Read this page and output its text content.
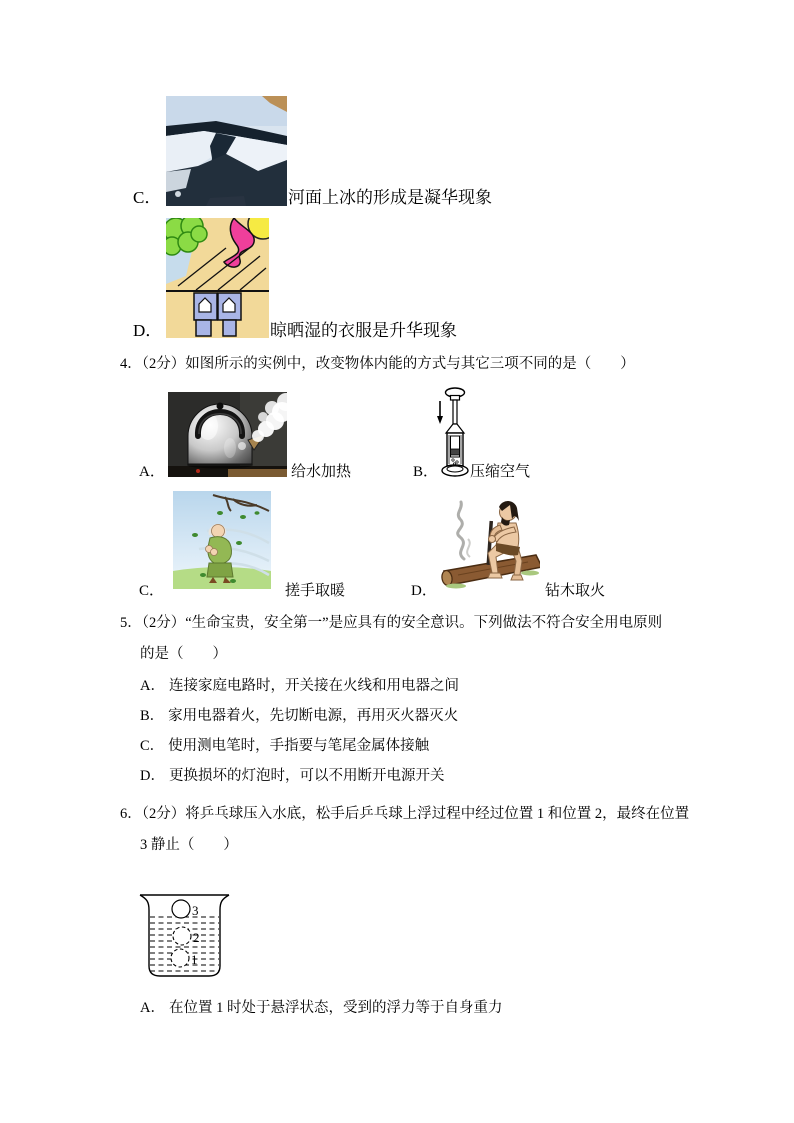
C．	河面上冰的形成是凝华现象
D．	晾晒湿的衣服是升华现象
4．（2分）如图所示的实例中，改变物体内能的方式与其它三项不同的是（　　）
A．	给水加热	B． 压缩空气
C．	搓手取暖	D．	钻木取火
5．（2分）“生命宝贵，安全第一”是应具有的安全意识。下列做法不符合安全用电原则
的是（　　）
A． 连接家庭电路时，开关接在火线和用电器之间
B． 家用电器着火，先切断电源，再用灭火器灭火
C． 使用测电笔时，手指要与笔尾金属体接触
D． 更换损坏的灯泡时，可以不用断开电源开关
6．（2分）将乒乓球压入水底，松手后乒乓球上浮过程中经过位置 1 和位置 2，最终在位置
3 静止（　　）
3
2
1
A． 在位置 1 时处于悬浮状态，受到的浮力等于自身重力
